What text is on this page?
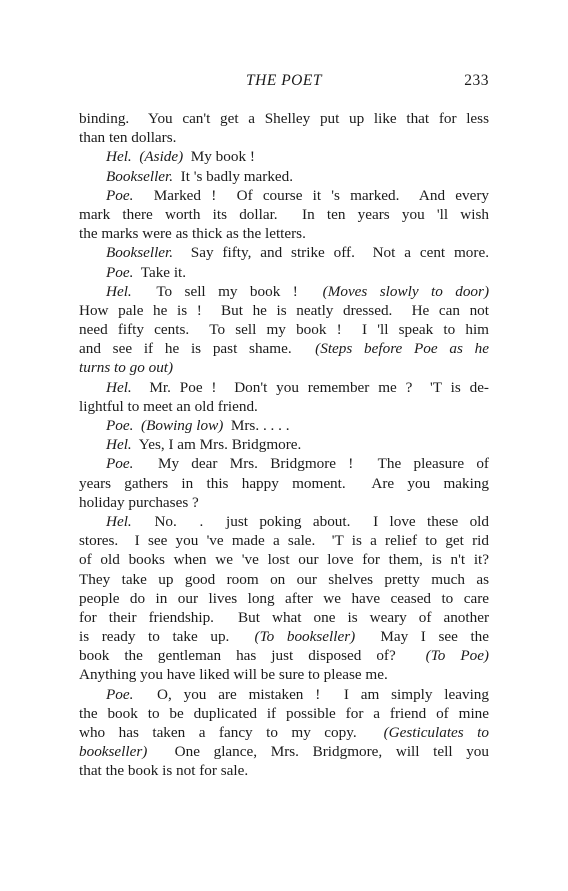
THE POET	233
binding.  You can't get a Shelley put up like that for less
than ten dollars.
Hel. (Aside)  My book !
Bookseller.  It 's badly marked.
Poe.  Marked !  Of course it 's marked.  And every
mark there worth its dollar.  In ten years you 'll wish
the marks were as thick as the letters.
Bookseller.  Say fifty, and strike off.  Not a cent more.
Poe.  Take it.
Hel.  To sell my book !  (Moves slowly to door)
How pale he is !  But he is neatly dressed.  He can not
need fifty cents.  To sell my book !  I 'll speak to him
and see if he is past shame.  (Steps before Poe as he
turns to go out)
Hel.  Mr. Poe !  Don't you remember me ?  'T is de-
lightful to meet an old friend.
Poe. (Bowing low)  Mrs. . . . .
Hel.  Yes, I am Mrs. Bridgmore.
Poe.  My dear Mrs. Bridgmore !  The pleasure of
years gathers in this happy moment.  Are you making
holiday purchases ?
Hel.  No.  .  just poking about.  I love these old
stores.  I see you 've made a sale.  'T is a relief to get rid
of old books when we 've lost our love for them, is n't it?
They take up good room on our shelves pretty much as
people do in our lives long after we have ceased to care
for their friendship.  But what one is weary of another
is ready to take up.  (To bookseller)  May I see the
book the gentleman has just disposed of?  (To Poe)
Anything you have liked will be sure to please me.
Poe.  O, you are mistaken !  I am simply leaving
the book to be duplicated if possible for a friend of mine
who has taken a fancy to my copy.  (Gesticulates to
bookseller)  One glance, Mrs. Bridgmore, will tell you
that the book is not for sale.
